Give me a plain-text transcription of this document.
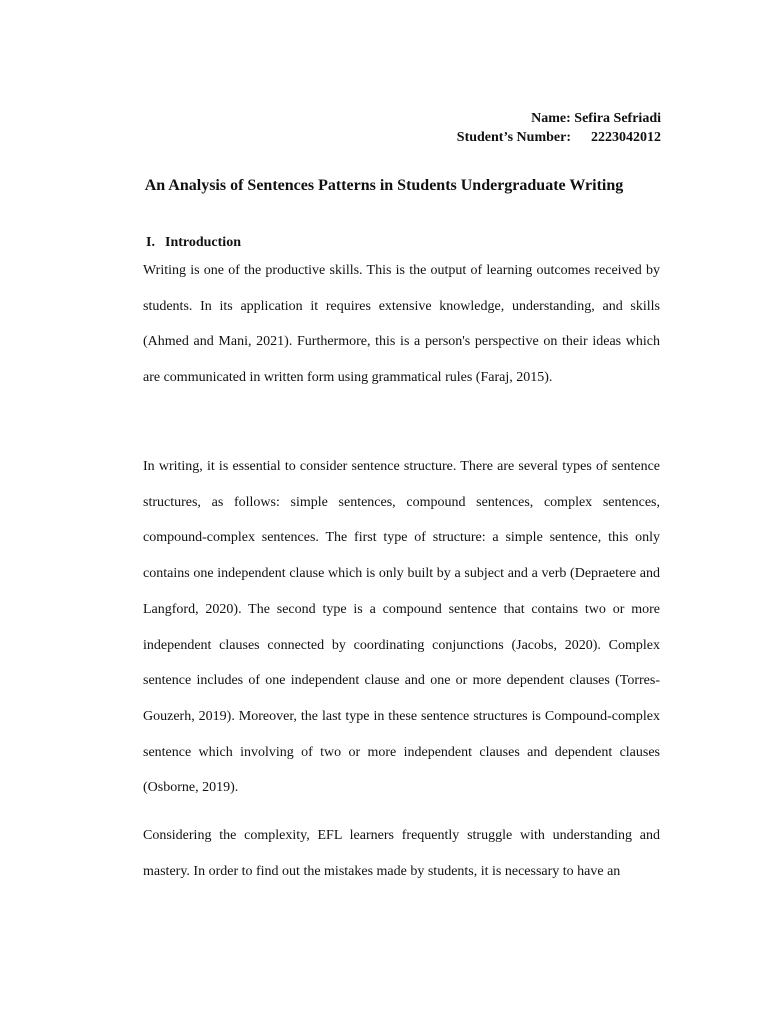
Name: Sefira Sefriadi
Student’s Number: 2223042012
An Analysis of Sentences Patterns in Students Undergraduate Writing
I. Introduction

Writing is one of the productive skills. This is the output of learning outcomes received by students. In its application it requires extensive knowledge, understanding, and skills (Ahmed and Mani, 2021). Furthermore, this is a person's perspective on their ideas which are communicated in written form using grammatical rules (Faraj, 2015).

In writing, it is essential to consider sentence structure. There are several types of sentence structures, as follows: simple sentences, compound sentences, complex sentences, compound-complex sentences. The first type of structure: a simple sentence, this only contains one independent clause which is only built by a subject and a verb (Depraetere and Langford, 2020). The second type is a compound sentence that contains two or more independent clauses connected by coordinating conjunctions (Jacobs, 2020). Complex sentence includes of one independent clause and one or more dependent clauses (Torres-Gouzerh, 2019). Moreover, the last type in these sentence structures is Compound-complex sentence which involving of two or more independent clauses and dependent clauses (Osborne, 2019).

Considering the complexity, EFL learners frequently struggle with understanding and mastery. In order to find out the mistakes made by students, it is necessary to have an
